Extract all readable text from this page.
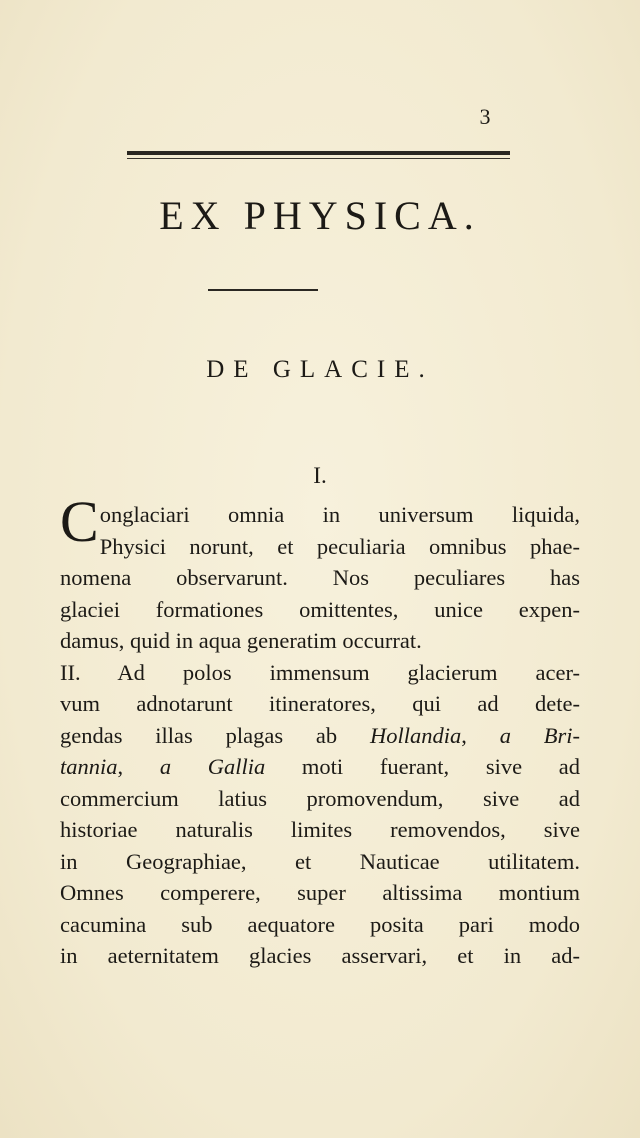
3
EX PHYSICA.
DE GLACIE.
I.
C onglaciari omnia in universum liquida,
Physici norunt, et peculiaria omnibus phae-
nomena observarunt. Nos peculiares has
glaciei formationes omittentes, unice expen-
damus, quid in aqua generatim occurrat.
II. Ad polos immensum glacierum acer-
vum adnotarunt itineratores, qui ad dete-
gendas illas plagas ab Hollandia, a Bri-
tannia, a Gallia moti fuerant, sive ad
commercium latius promovendum, sive ad
historiae naturalis limites removendos, sive
in Geographiae, et Nauticae utilitatem.
Omnes comperere, super altissima montium
cacumina sub aequatore posita pari modo
in aeternitatem glacies asservari, et in ad-
